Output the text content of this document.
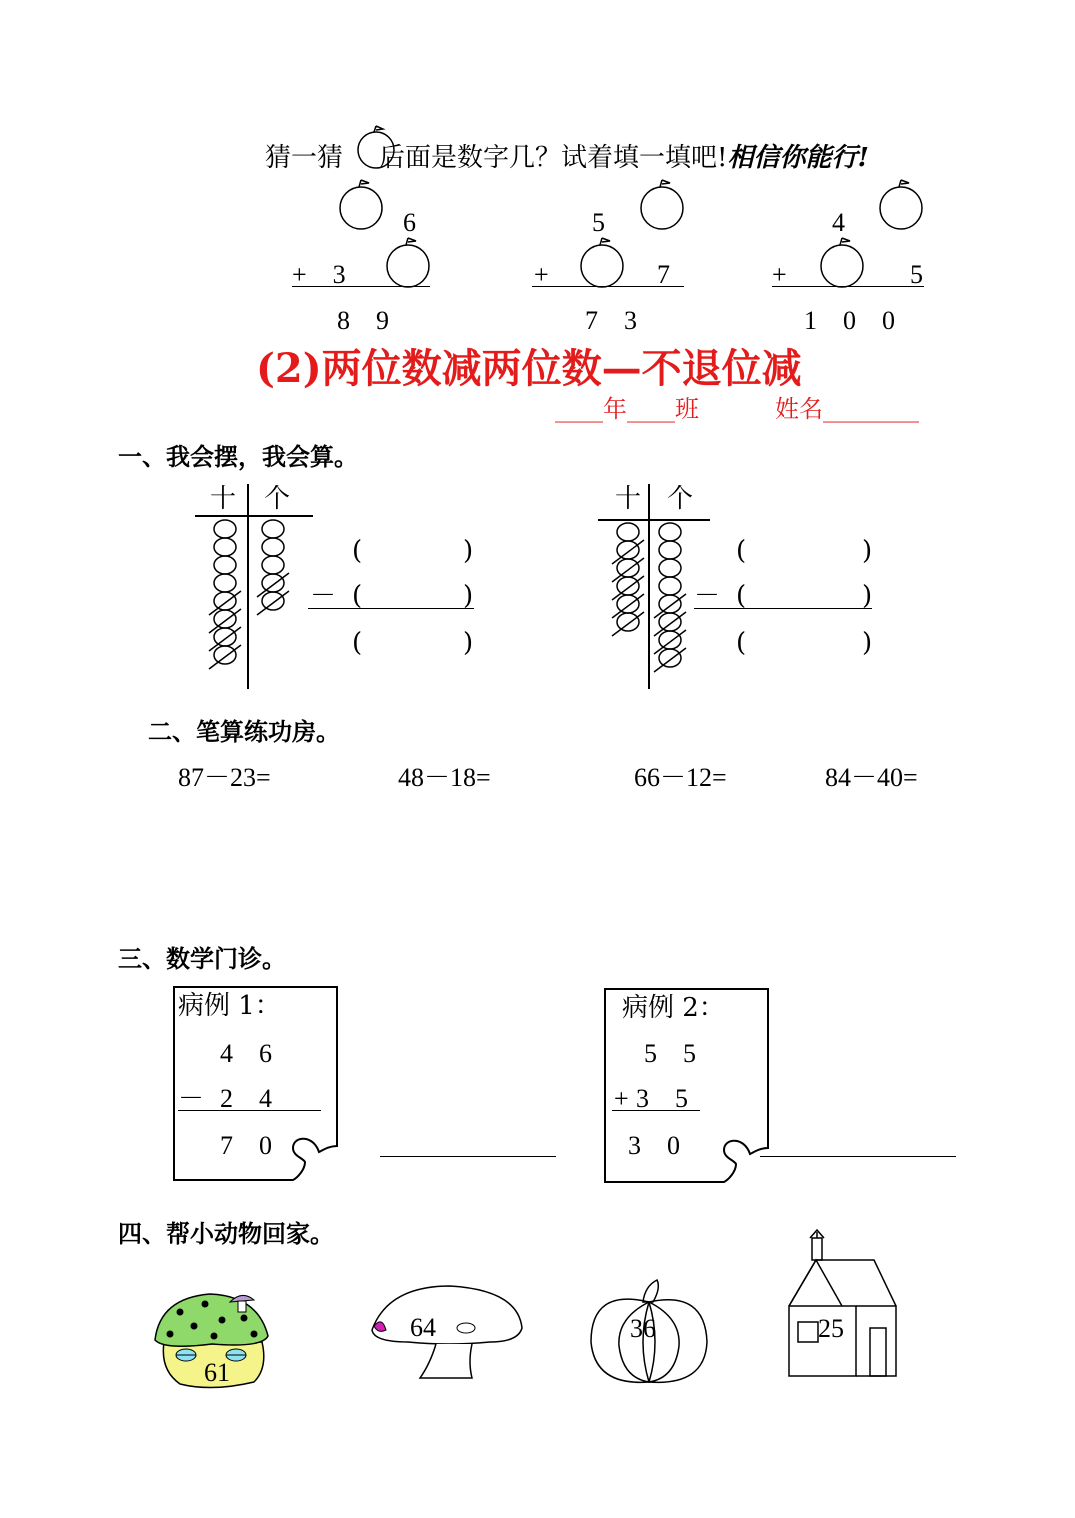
猜一猜 后面是数字几？试着填一填吧!相信你能行!
6
+　3
8　9
5
+	7
7　3
4
+	5
1　0　0
(2)两位数减两位数—不退位减
____年____班	姓名________
一、我会摆，我会算。
十 个
(	)
－ (	)
(	)
十 个
(	)
－ (	)
(	)
二、笔算练功房。
87－23=	48－18=	66－12=	84－40=
三、数学门诊。
病例 1：
4　6
－ 2　4
7　0
病例 2：
5　5
+ 3　5
3　0
四、帮小动物回家。
61
64	36	25
